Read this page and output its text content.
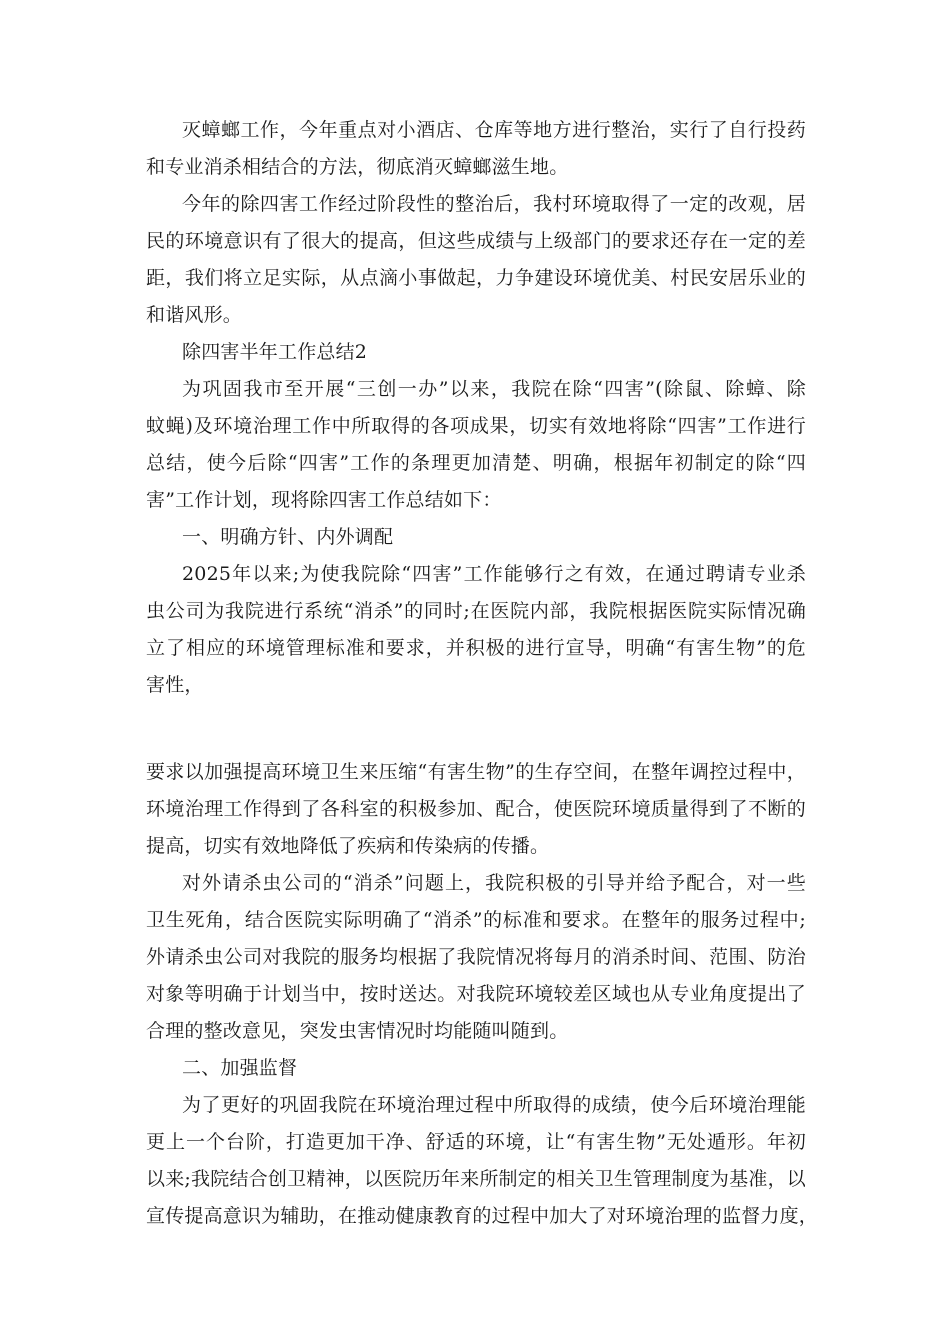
灭蟑螂工作，今年重点对小酒店、仓库等地方进行整治，实行了自行投药
和专业消杀相结合的方法，彻底消灭蟑螂滋生地。
今年的除四害工作经过阶段性的整治后，我村环境取得了一定的改观，居
民的环境意识有了很大的提高，但这些成绩与上级部门的要求还存在一定的差
距，我们将立足实际，从点滴小事做起，力争建设环境优美、村民安居乐业的
和谐风形。
除四害半年工作总结2
为巩固我市至开展“三创一办”以来，我院在除“四害”(除鼠、除蟑、除
蚊蝇)及环境治理工作中所取得的各项成果，切实有效地将除“四害”工作进行
总结，使今后除“四害”工作的条理更加清楚、明确，根据年初制定的除“四
害”工作计划，现将除四害工作总结如下：
一、明确方针、内外调配
2025年以来;为使我院除“四害”工作能够行之有效，在通过聘请专业杀
虫公司为我院进行系统“消杀”的同时;在医院内部，我院根据医院实际情况确
立了相应的环境管理标准和要求，并积极的进行宣导，明确“有害生物”的危
害性，
要求以加强提高环境卫生来压缩“有害生物”的生存空间，在整年调控过程中，
环境治理工作得到了各科室的积极参加、配合，使医院环境质量得到了不断的
提高，切实有效地降低了疾病和传染病的传播。
对外请杀虫公司的“消杀”问题上，我院积极的引导并给予配合，对一些
卫生死角，结合医院实际明确了“消杀”的标准和要求。在整年的服务过程中;
外请杀虫公司对我院的服务均根据了我院情况将每月的消杀时间、范围、防治
对象等明确于计划当中，按时送达。对我院环境较差区域也从专业角度提出了
合理的整改意见，突发虫害情况时均能随叫随到。
二、加强监督
为了更好的巩固我院在环境治理过程中所取得的成绩，使今后环境治理能
更上一个台阶，打造更加干净、舒适的环境，让“有害生物”无处遁形。年初
以来;我院结合创卫精神，以医院历年来所制定的相关卫生管理制度为基准，以
宣传提高意识为辅助，在推动健康教育的过程中加大了对环境治理的监督力度，
